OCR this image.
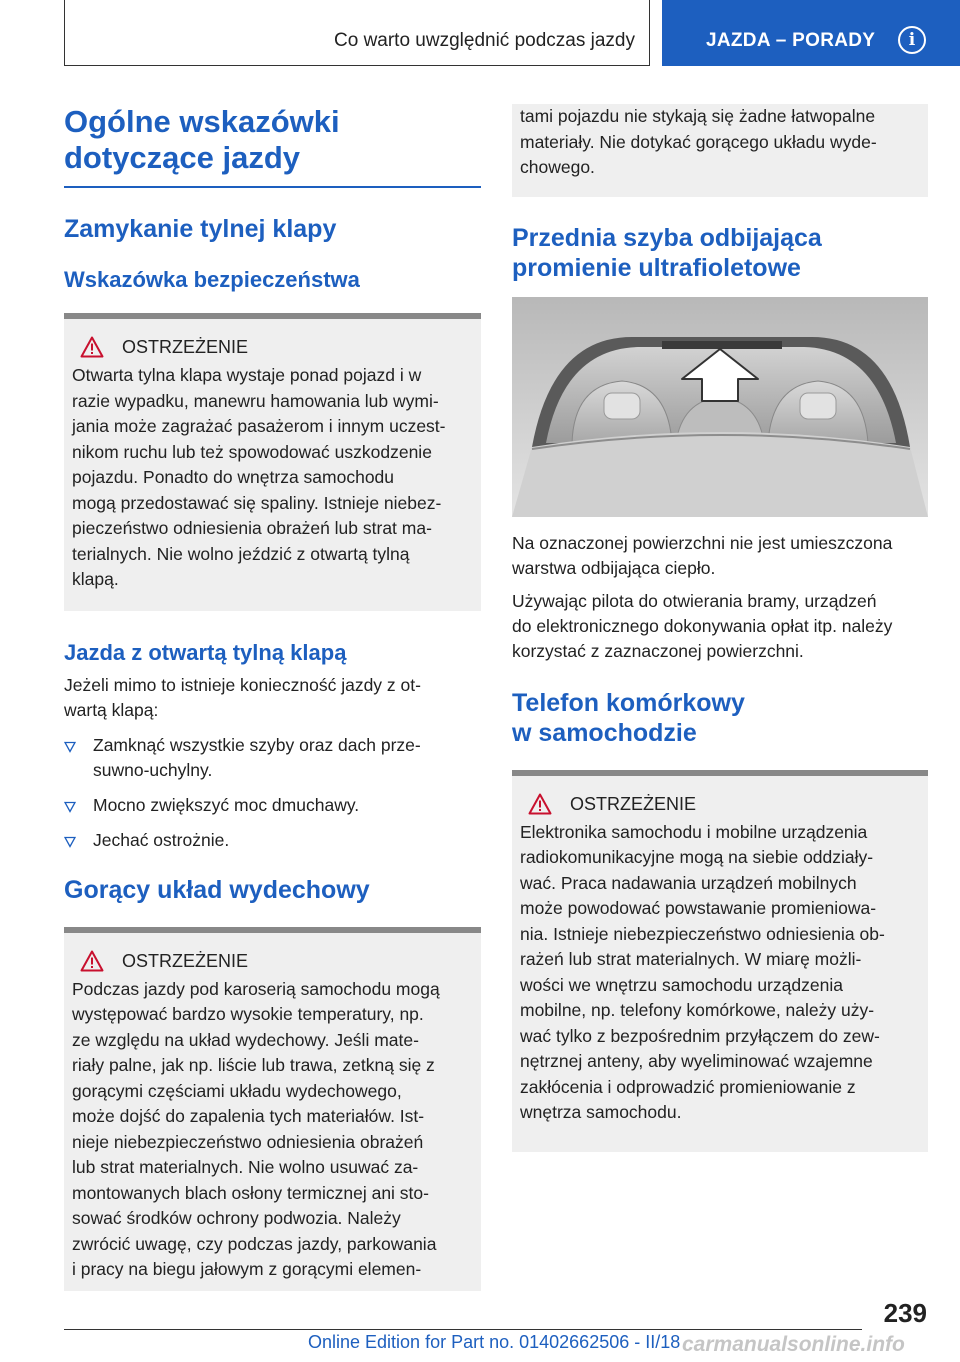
Co warto uwzględnić podczas jazdy	JAZDA – PORADY	i
Ogólne wskazówki
dotyczące jazdy
Zamykanie tylnej klapy
Wskazówka bezpieczeństwa
OSTRZEŻENIE

Otwarta tylna klapa wystaje ponad pojazd i w
razie wypadku, manewru hamowania lub wymi-
jania może zagrażać pasażerom i innym uczest-
nikom ruchu lub też spowodować uszkodzenie
pojazdu. Ponadto do wnętrza samochodu
mogą przedostawać się spaliny. Istnieje niebez-
pieczeństwo odniesienia obrażeń lub strat ma-
terialnych. Nie wolno jeździć z otwartą tylną
klapą.

Jazda z otwartą tylną klapą

Jeżeli mimo to istnieje konieczność jazdy z ot-
wartą klapą:

Zamknąć wszystkie szyby oraz dach prze-
suwno-uchylny.
Mocno zwiększyć moc dmuchawy.
Jechać ostrożnie.
Gorący układ wydechowy
OSTRZEŻENIE

Podczas jazdy pod karoserią samochodu mogą
występować bardzo wysokie temperatury, np.
ze względu na układ wydechowy. Jeśli mate-
riały palne, jak np. liście lub trawa, zetkną się z
gorącymi częściami układu wydechowego,
może dojść do zapalenia tych materiałów. Ist-
nieje niebezpieczeństwo odniesienia obrażeń
lub strat materialnych. Nie wolno usuwać za-
montowanych blach osłony termicznej ani sto-
sować środków ochrony podwozia. Należy
zwrócić uwagę, czy podczas jazdy, parkowania
i pracy na biegu jałowym z gorącymi elemen-

tami pojazdu nie stykają się żadne łatwopalne
materiały. Nie dotykać gorącego układu wyde-
chowego.

Przednia szyba odbijająca
promienie ultrafioletowe

Na oznaczonej powierzchni nie jest umieszczona
warstwa odbijająca ciepło.

Używając pilota do otwierania bramy, urządzeń
do elektronicznego dokonywania opłat itp. należy
korzystać z zaznaczonej powierzchni.

Telefon komórkowy
w samochodzie
OSTRZEŻENIE

Elektronika samochodu i mobilne urządzenia
radiokomunikacyjne mogą na siebie oddziały-
wać. Praca nadawania urządzeń mobilnych
może powodować powstawanie promieniowa-
nia. Istnieje niebezpieczeństwo odniesienia ob-
rażeń lub strat materialnych. W miarę możli-
wości we wnętrzu samochodu urządzenia
mobilne, np. telefony komórkowe, należy uży-
wać tylko z bezpośrednim przyłączem do zew-
nętrznej anteny, aby wyeliminować wzajemne
zakłócenia i odprowadzić promieniowanie z
wnętrza samochodu.

239
Online Edition for Part no. 01402662506 - II/18 carmanualsonline.info
